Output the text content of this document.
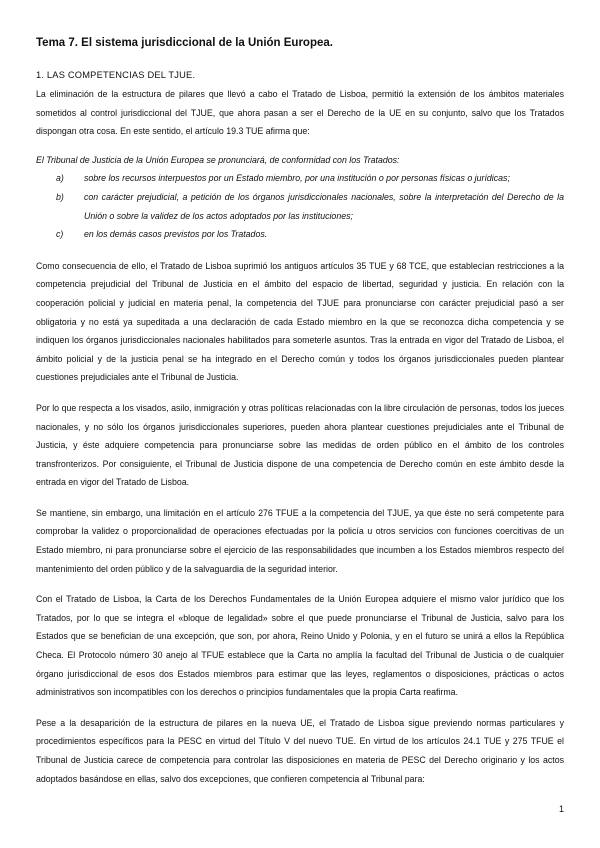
Tema 7. El sistema jurisdiccional de la Unión Europea.
1. LAS COMPETENCIAS DEL TJUE.

La eliminación de la estructura de pilares que llevó a cabo el Tratado de Lisboa, permitió la extensión de los ámbitos materiales sometidos al control jurisdiccional del TJUE, que ahora pasan a ser el Derecho de la UE en su conjunto, salvo que los Tratados dispongan otra cosa. En este sentido, el artículo 19.3 TUE afirma que:

El Tribunal de Justicia de la Unión Europea se pronunciará, de conformidad con los Tratados:

a)	sobre los recursos interpuestos por un Estado miembro, por una institución o por personas físicas o jurídicas;
b)	con carácter prejudicial, a petición de los órganos jurisdiccionales nacionales, sobre la interpretación del Derecho de la Unión o sobre la validez de los actos adoptados por las instituciones;
c)	en los demás casos previstos por los Tratados.

Como consecuencia de ello, el Tratado de Lisboa suprimió los antiguos artículos 35 TUE y 68 TCE, que establecían restricciones a la competencia prejudicial del Tribunal de Justicia en el ámbito del espacio de libertad, seguridad y justicia. En relación con la cooperación policial y judicial en materia penal, la competencia del TJUE para pronunciarse con carácter prejudicial pasó a ser obligatoria y no está ya supeditada a una declaración de cada Estado miembro en la que se reconozca dicha competencia y se indiquen los órganos jurisdiccionales nacionales habilitados para someterle asuntos. Tras la entrada en vigor del Tratado de Lisboa, el ámbito policial y de la justicia penal se ha integrado en el Derecho común y todos los órganos jurisdiccionales pueden plantear cuestiones prejudiciales ante el Tribunal de Justicia.

Por lo que respecta a los visados, asilo, inmigración y otras políticas relacionadas con la libre circulación de personas, todos los jueces nacionales, y no sólo los órganos jurisdiccionales superiores, pueden ahora plantear cuestiones prejudiciales ante el Tribunal de Justicia, y éste adquiere competencia para pronunciarse sobre las medidas de orden público en el ámbito de los controles transfronterizos. Por consiguiente, el Tribunal de Justicia dispone de una competencia de Derecho común en este ámbito desde la entrada en vigor del Tratado de Lisboa.

Se mantiene, sin embargo, una limitación en el artículo 276 TFUE a la competencia del TJUE, ya que éste no será competente para comprobar la validez o proporcionalidad de operaciones efectuadas por la policía u otros servicios con funciones coercitivas de un Estado miembro, ni para pronunciarse sobre el ejercicio de las responsabilidades que incumben a los Estados miembros respecto del mantenimiento del orden público y de la salvaguardia de la seguridad interior.

Con el Tratado de Lisboa, la Carta de los Derechos Fundamentales de la Unión Europea adquiere el mismo valor jurídico que los Tratados, por lo que se integra el «bloque de legalidad» sobre el que puede pronunciarse el Tribunal de Justicia, salvo para los Estados que se benefician de una excepción, que son, por ahora, Reino Unido y Polonia, y en el futuro se unirá a ellos la República Checa. El Protocolo número 30 anejo al TFUE establece que la Carta no amplía la facultad del Tribunal de Justicia o de cualquier órgano jurisdiccional de esos dos Estados miembros para estimar que las leyes, reglamentos o disposiciones, prácticas o actos administrativos son incompatibles con los derechos o principios fundamentales que la propia Carta reafirma.

Pese a la desaparición de la estructura de pilares en la nueva UE, el Tratado de Lisboa sigue previendo normas particulares y procedimientos específicos para la PESC en virtud del Título V del nuevo TUE. En virtud de los artículos 24.1 TUE y 275 TFUE el Tribunal de Justicia carece de competencia para controlar las disposiciones en materia de PESC del Derecho originario y los actos adoptados basándose en ellas, salvo dos excepciones, que confieren competencia al Tribunal para:

1
